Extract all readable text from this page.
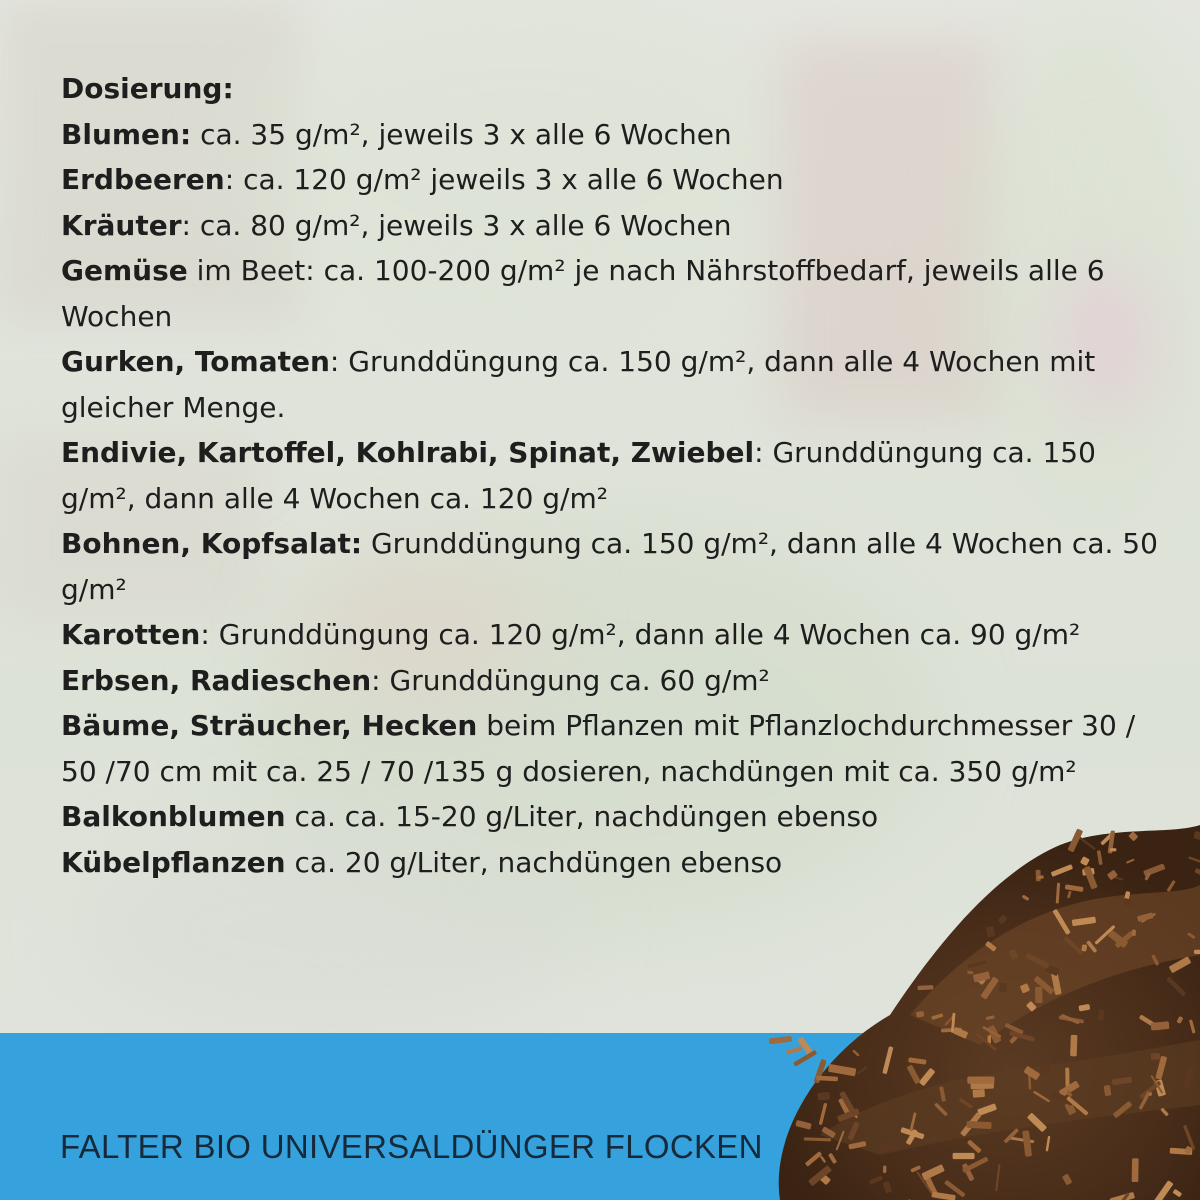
Dosierung:

Blumen: ca. 35 g/m², jeweils 3 x alle 6 Wochen

Erdbeeren: ca. 120 g/m² jeweils 3 x alle 6 Wochen

Kräuter: ca. 80 g/m², jeweils 3 x alle 6 Wochen

Gemüse im Beet: ca. 100-200 g/m² je nach Nährstoffbedarf, jeweils alle 6 Wochen

Gurken, Tomaten: Grunddüngung ca. 150 g/m², dann alle 4 Wochen mit gleicher Menge.

Endivie, Kartoffel, Kohlrabi, Spinat, Zwiebel: Grunddüngung ca. 150 g/m², dann alle 4 Wochen ca. 120 g/m²

Bohnen, Kopfsalat: Grunddüngung ca. 150 g/m², dann alle 4 Wochen ca. 50 g/m²

Karotten: Grunddüngung ca. 120 g/m², dann alle 4 Wochen ca. 90 g/m²

Erbsen, Radieschen: Grunddüngung ca. 60 g/m²

Bäume, Sträucher, Hecken beim Pflanzen mit Pflanzlochdurchmesser 30 / 50 /70 cm mit ca. 25 / 70 /135 g dosieren, nachdüngen mit ca. 350 g/m²

Balkonblumen ca. ca. 15-20 g/Liter, nachdüngen ebenso

Kübelpflanzen ca. 20 g/Liter, nachdüngen ebenso

FALTER BIO UNIVERSALDÜNGER FLOCKEN
